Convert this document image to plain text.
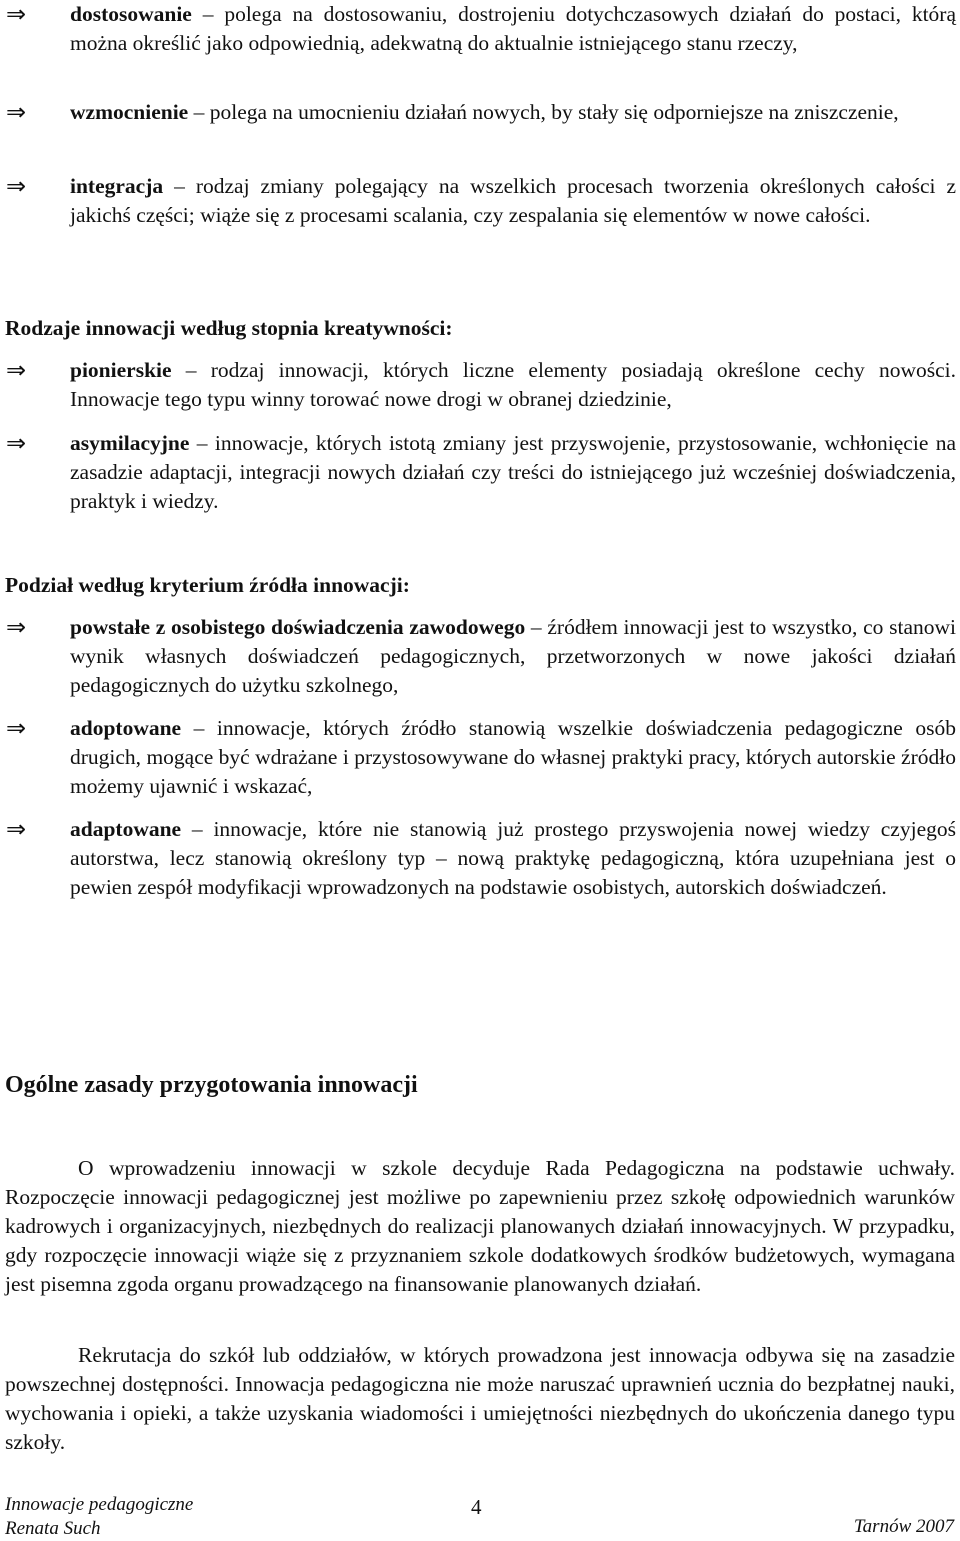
⇒	dostosowanie – polega na dostosowaniu, dostrojeniu dotychczasowych działań do postaci, którą można określić jako odpowiednią, adekwatną do aktualnie istniejącego stanu rzeczy,
⇒	wzmocnienie – polega na umocnieniu działań nowych, by stały się odporniejsze na zniszczenie,
⇒	integracja – rodzaj zmiany polegający na wszelkich procesach tworzenia określonych całości z jakichś części; wiąże się z procesami scalania, czy zespalania się elementów w nowe całości.
Rodzaje innowacji według stopnia kreatywności:
⇒	pionierskie – rodzaj innowacji, których liczne elementy posiadają określone cechy nowości. Innowacje tego typu winny torować nowe drogi w obranej dziedzinie,
⇒	asymilacyjne – innowacje, których istotą zmiany jest przyswojenie, przystosowanie, wchłonięcie na zasadzie adaptacji, integracji nowych działań czy treści do istniejącego już wcześniej doświadczenia, praktyk i wiedzy.
Podział według kryterium źródła innowacji:
⇒	powstałe z osobistego doświadczenia zawodowego – źródłem innowacji jest to wszystko, co stanowi wynik własnych doświadczeń pedagogicznych, przetworzonych w nowe jakości działań pedagogicznych do użytku szkolnego,
⇒	adoptowane – innowacje, których źródło stanowią wszelkie doświadczenia pedagogiczne osób drugich, mogące być wdrażane i przystosowywane do własnej praktyki pracy, których autorskie źródło możemy ujawnić i wskazać,
⇒	adaptowane – innowacje, które nie stanowią już prostego przyswojenia nowej wiedzy czyjegoś autorstwa, lecz stanowią określony typ – nową praktykę pedagogiczną, która uzupełniana jest o pewien zespół modyfikacji wprowadzonych na podstawie osobistych, autorskich doświadczeń.
Ogólne zasady przygotowania innowacji
O wprowadzeniu innowacji w szkole decyduje Rada Pedagogiczna na podstawie uchwały. Rozpoczęcie innowacji pedagogicznej jest możliwe po zapewnieniu przez szkołę odpowiednich warunków kadrowych i organizacyjnych, niezbędnych do realizacji planowanych działań innowacyjnych. W przypadku, gdy rozpoczęcie innowacji wiąże się z przyznaniem szkole dodatkowych środków budżetowych, wymagana jest pisemna zgoda organu prowadzącego na finansowanie planowanych działań.
Rekrutacja do szkół lub oddziałów, w których prowadzona jest innowacja odbywa się na zasadzie powszechnej dostępności. Innowacja pedagogiczna nie może naruszać uprawnień ucznia do bezpłatnej nauki, wychowania i opieki, a także uzyskania wiadomości i umiejętności niezbędnych do ukończenia danego typu szkoły.
Innowacje pedagogiczne
Renata Such
4
Tarnów 2007
